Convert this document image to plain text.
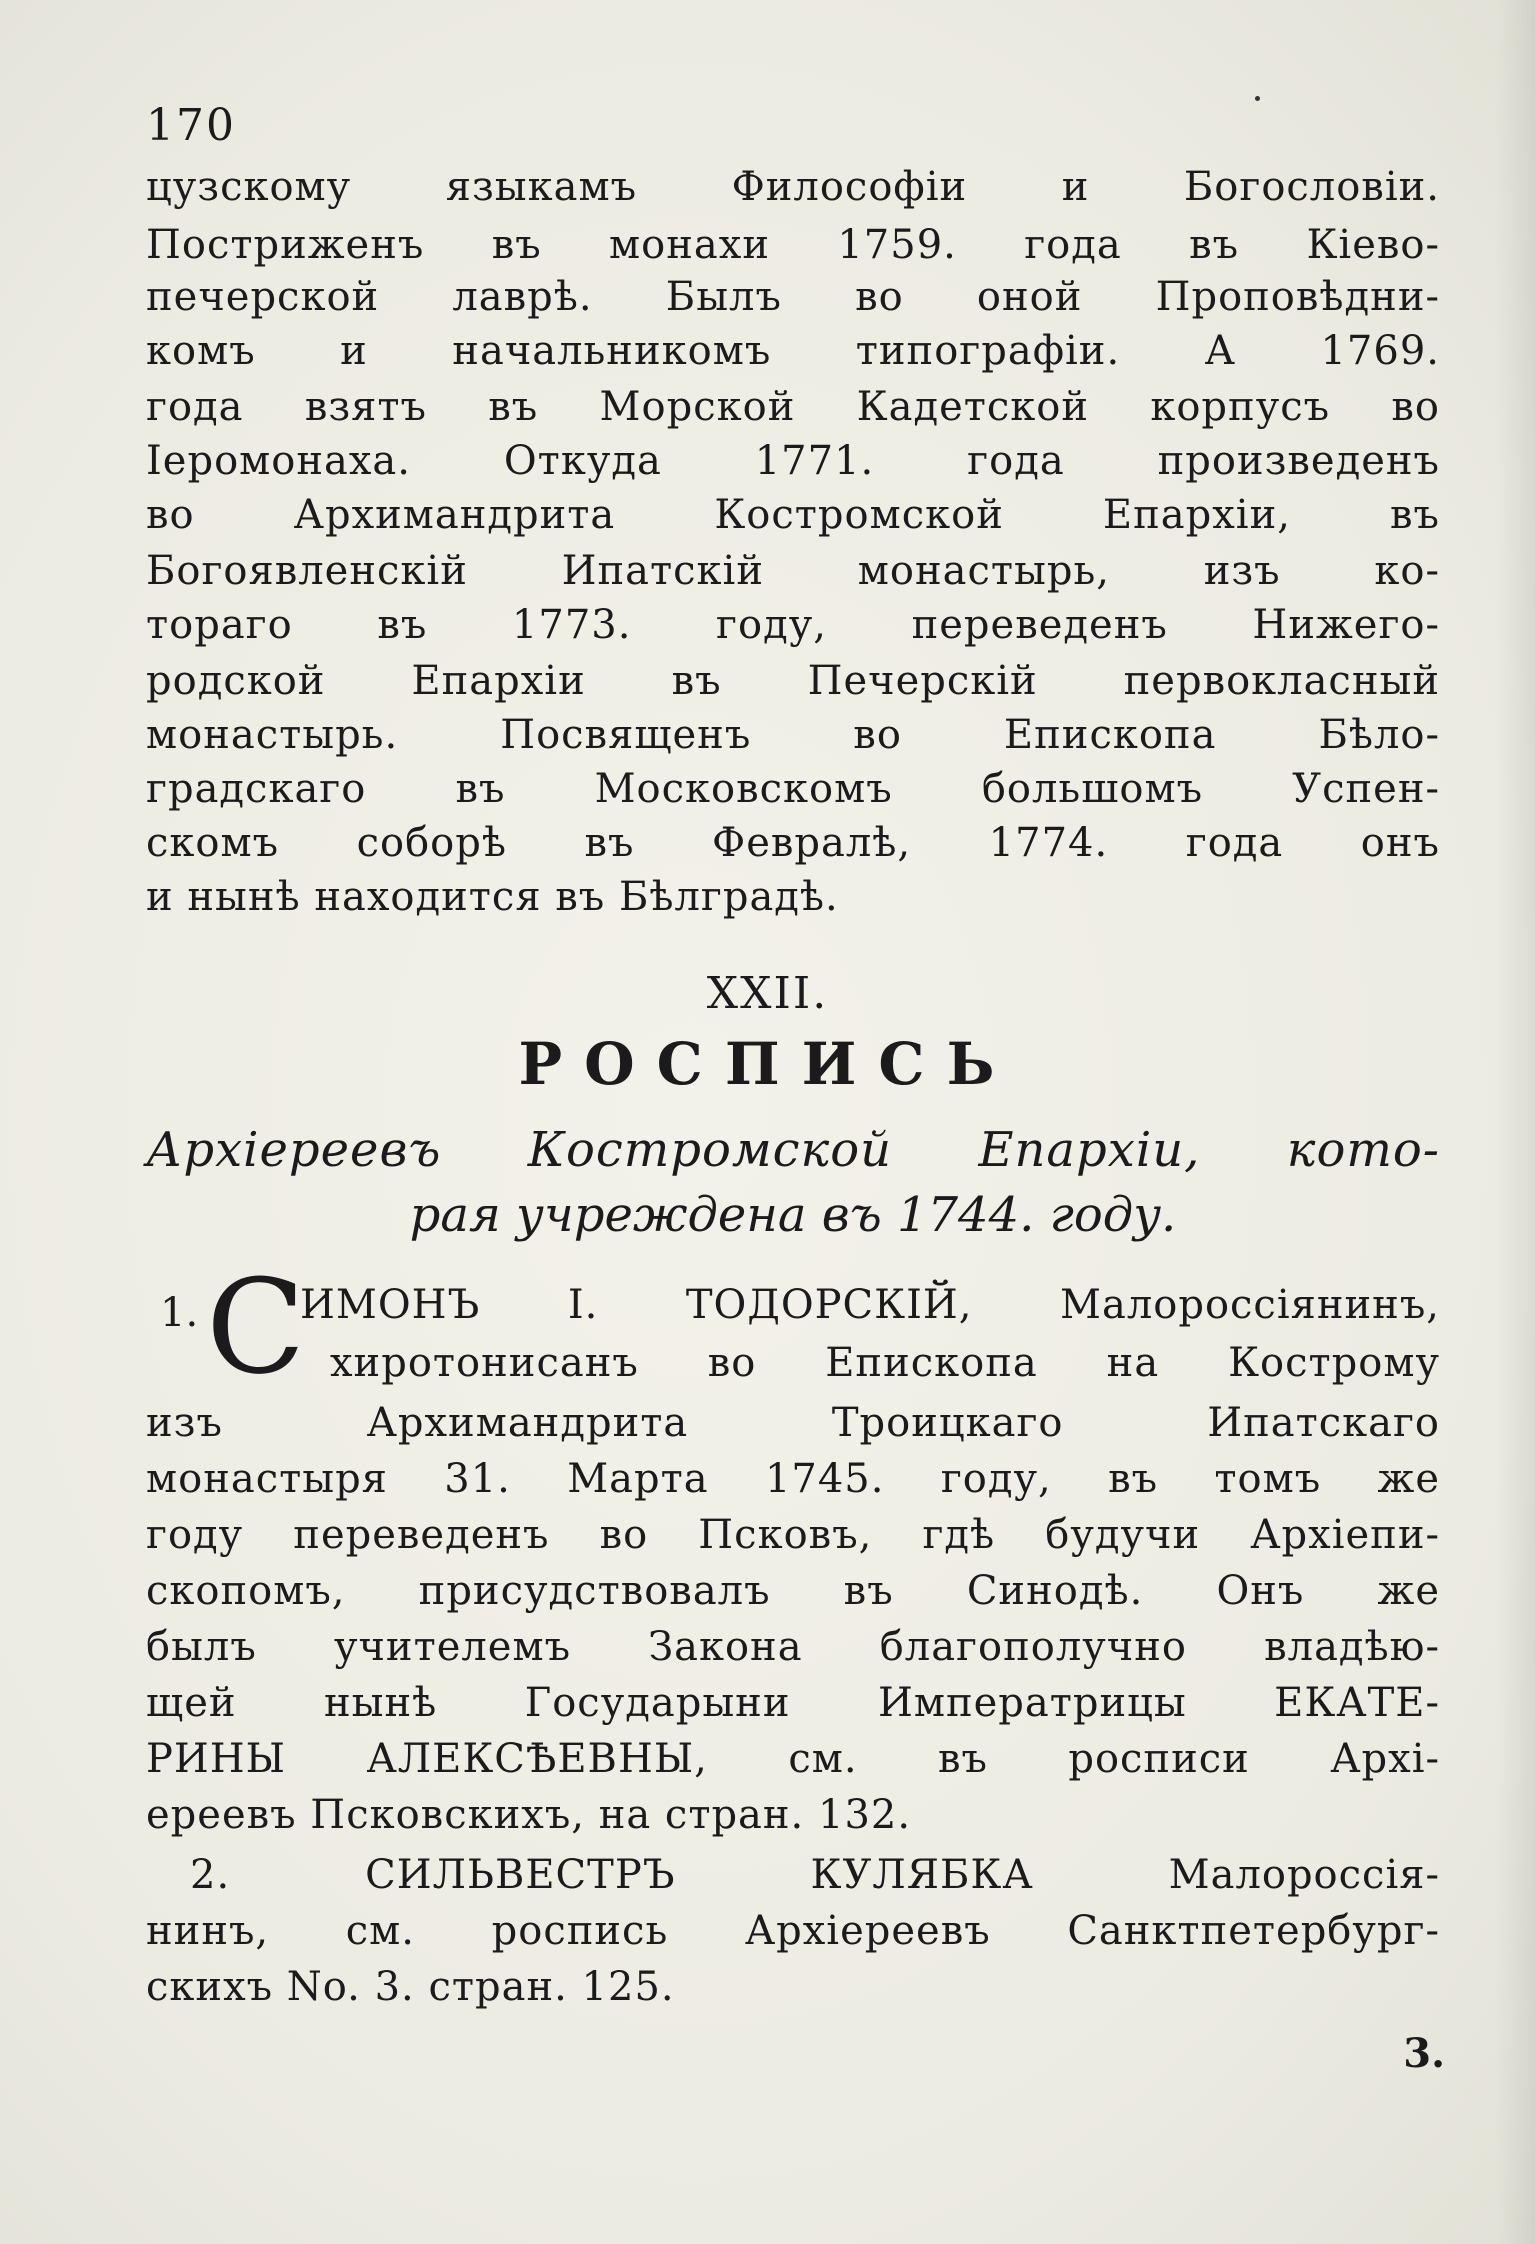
170
цузскому языкамъ Философiи и Богословiи.
Постриженъ въ монахи 1759. года въ Кiево-
печерской лаврѣ. Былъ во оной Проповѣдни-
комъ и начальникомъ типографiи. А 1769.
года взятъ въ Морской Кадетской корпусъ во
Iеромонаха. Откуда 1771. года произведенъ
во Архимандрита Костромской Епархiи, въ
Богоявленскiй Ипатскiй монастырь, изъ ко-
тораго въ 1773. году, переведенъ Нижего-
родской Епархiи въ Печерскiй первокласный
монастырь. Посвященъ во Епископа Бѣло-
градскаго въ Московскомъ большомъ Успен-
скомъ соборѣ въ Февралѣ, 1774. года онъ
и нынѣ находится въ Бѣлградѣ.
XXII.
РОСПИСЬ
Архiереевъ Костромской Епархiи, кото-
рая учреждена въ 1744. году.
1. С
ИМОНЪ I. ТОДОРСКIЙ, Малороссiянинъ,
хиротонисанъ во Епископа на Кострому
изъ Архимандрита Троицкаго Ипатскаго
монастыря 31. Марта 1745. году, въ томъ же
году переведенъ во Псковъ, гдѣ будучи Архiепи-
скопомъ, присудствовалъ въ Синодѣ. Онъ же
былъ учителемъ Закона благополучно владѣю-
щей нынѣ Государыни Императрицы ЕКАТЕ-
РИНЫ АЛЕКСѢЕВНЫ, см. въ росписи Архi-
ереевъ Псковскихъ, на стран. 132.
2. СИЛЬВЕСТРЪ КУЛЯБКА Малороссiя-
нинъ, см. роспись Архiереевъ Санктпетербург-
скихъ No. 3. стран. 125.
3.
